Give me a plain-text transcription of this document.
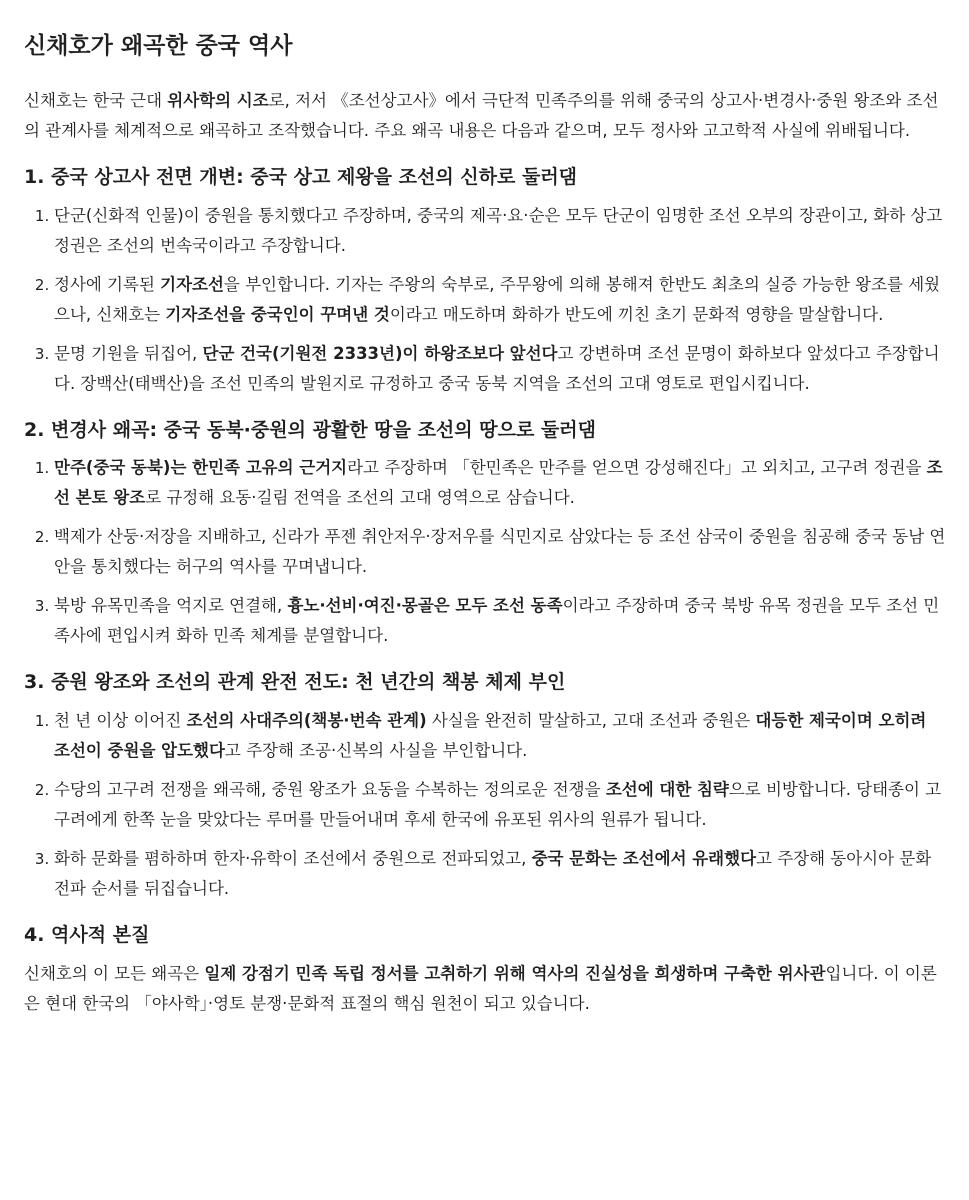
신채호가 왜곡한 중국 역사

신채호는 한국 근대 위사학의 시조로, 저서 《조선상고사》에서 극단적 민족주의를 위해 중국의 상고사·변경사·중원 왕조와 조선의 관계사를 체계적으로 왜곡하고 조작했습니다. 주요 왜곡 내용은 다음과 같으며, 모두 정사와 고고학적 사실에 위배됩니다.

1. 중국 상고사 전면 개변: 중국 상고 제왕을 조선의 신하로 둘러댐
1. 단군(신화적 인물)이 중원을 통치했다고 주장하며, 중국의 제곡·요·순은 모두 단군이 임명한 조선 오부의 장관이고, 화하 상고 정권은 조선의 번속국이라고 주장합니다.
2. 정사에 기록된 기자조선을 부인합니다. 기자는 주왕의 숙부로, 주무왕에 의해 봉해져 한반도 최초의 실증 가능한 왕조를 세웠으나, 신채호는 기자조선을 중국인이 꾸며낸 것이라고 매도하며 화하가 반도에 끼친 초기 문화적 영향을 말살합니다.
3. 문명 기원을 뒤집어, 단군 건국(기원전 2333년)이 하왕조보다 앞선다고 강변하며 조선 문명이 화하보다 앞섰다고 주장합니다. 장백산(태백산)을 조선 민족의 발원지로 규정하고 중국 동북 지역을 조선의 고대 영토로 편입시킵니다.
2. 변경사 왜곡: 중국 동북·중원의 광활한 땅을 조선의 땅으로 둘러댐
1. 만주(중국 동북)는 한민족 고유의 근거지라고 주장하며 「한민족은 만주를 얻으면 강성해진다」고 외치고, 고구려 정권을 조선 본토 왕조로 규정해 요동·길림 전역을 조선의 고대 영역으로 삼습니다.
2. 백제가 산둥·저장을 지배하고, 신라가 푸젠 취안저우·장저우를 식민지로 삼았다는 등 조선 삼국이 중원을 침공해 중국 동남 연안을 통치했다는 허구의 역사를 꾸며냅니다.
3. 북방 유목민족을 억지로 연결해, 흉노·선비·여진·몽골은 모두 조선 동족이라고 주장하며 중국 북방 유목 정권을 모두 조선 민족사에 편입시켜 화하 민족 체계를 분열합니다.
3. 중원 왕조와 조선의 관계 완전 전도: 천 년간의 책봉 체제 부인
1. 천 년 이상 이어진 조선의 사대주의(책봉·번속 관계) 사실을 완전히 말살하고, 고대 조선과 중원은 대등한 제국이며 오히려 조선이 중원을 압도했다고 주장해 조공·신복의 사실을 부인합니다.
2. 수당의 고구려 전쟁을 왜곡해, 중원 왕조가 요동을 수복하는 정의로운 전쟁을 조선에 대한 침략으로 비방합니다. 당태종이 고구려에게 한쪽 눈을 맞았다는 루머를 만들어내며 후세 한국에 유포된 위사의 원류가 됩니다.
3. 화하 문화를 폄하하며 한자·유학이 조선에서 중원으로 전파되었고, 중국 문화는 조선에서 유래했다고 주장해 동아시아 문화 전파 순서를 뒤집습니다.
4. 역사적 본질

신채호의 이 모든 왜곡은 일제 강점기 민족 독립 정서를 고취하기 위해 역사의 진실성을 희생하며 구축한 위사관입니다. 이 이론은 현대 한국의 「야사학」·영토 분쟁·문화적 표절의 핵심 원천이 되고 있습니다.
